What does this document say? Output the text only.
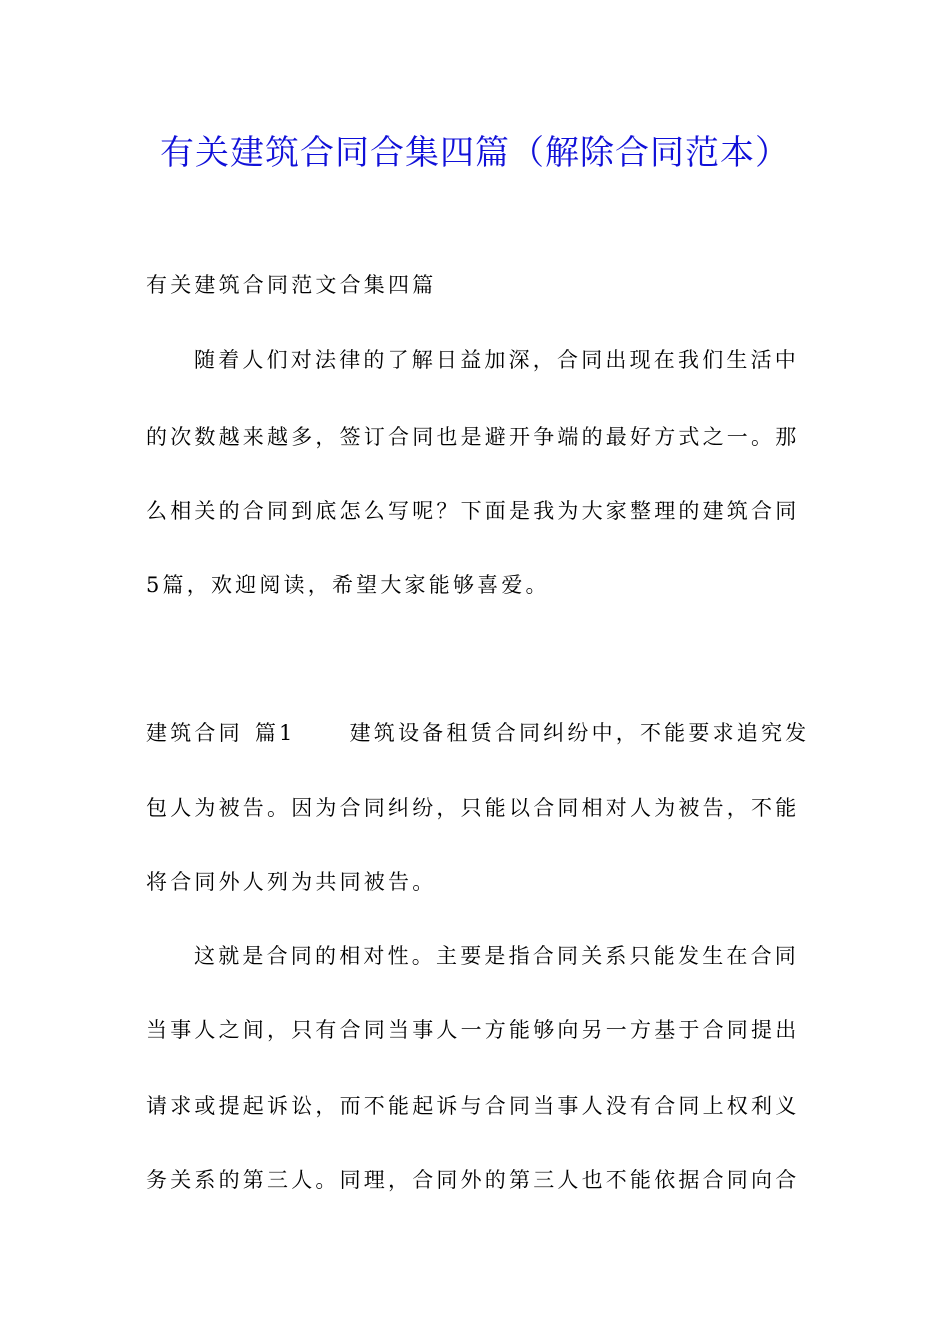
有关建筑合同合集四篇（解除合同范本）
有关建筑合同范文合集四篇
随着人们对法律的了解日益加深，合同出现在我们生活中
的次数越来越多，签订合同也是避开争端的最好方式之一。那
么相关的合同到底怎么写呢？下面是我为大家整理的建筑合同
5篇，欢迎阅读，希望大家能够喜爱。
建筑合同 篇1	建筑设备租赁合同纠纷中，不能要求追究发
包人为被告。因为合同纠纷，只能以合同相对人为被告，不能
将合同外人列为共同被告。
这就是合同的相对性。主要是指合同关系只能发生在合同
当事人之间，只有合同当事人一方能够向另一方基于合同提出
请求或提起诉讼，而不能起诉与合同当事人没有合同上权利义
务关系的第三人。同理，合同外的第三人也不能依据合同向合
